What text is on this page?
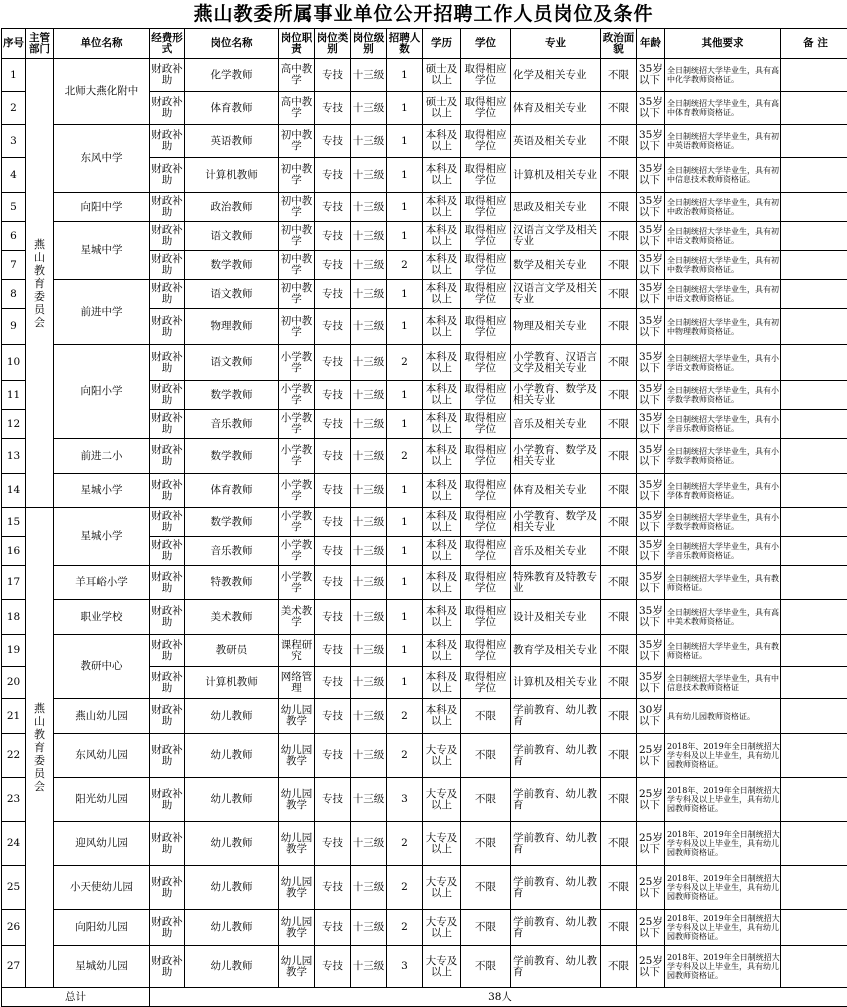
燕山教委所属事业单位公开招聘工作人员岗位及条件
序号	主管部门	单位名称	经费形式	岗位名称	岗位职责	岗位类别	岗位级别	招聘人数	学历	学位	专业	政治面貌	年龄	其他要求	备 注
1	燕山教育委员会	北师大燕化附中	财政补助	化学教师	高中教学	专技	十三级	1	硕士及以上	取得相应学位	化学及相关专业	不限	35岁以下	全日制统招大学毕业生，具有高中化学教师资格证。	
2			财政补助	体育教师	高中教学	专技	十三级	1	硕士及以上	取得相应学位	体育及相关专业	不限	35岁以下	全日制统招大学毕业生，具有高中体育教师资格证。	
3		东风中学	财政补助	英语教师	初中教学	专技	十三级	1	本科及以上	取得相应学位	英语及相关专业	不限	35岁以下	全日制统招大学毕业生，具有初中英语教师资格证。	
4			财政补助	计算机教师	初中教学	专技	十三级	1	本科及以上	取得相应学位	计算机及相关专业	不限	35岁以下	全日制统招大学毕业生，具有初中信息技术教师资格证。	
5		向阳中学	财政补助	政治教师	初中教学	专技	十三级	1	本科及以上	取得相应学位	思政及相关专业	不限	35岁以下	全日制统招大学毕业生，具有初中政治教师资格证。	
6		星城中学	财政补助	语文教师	初中教学	专技	十三级	1	本科及以上	取得相应学位	汉语言文学及相关专业	不限	35岁以下	全日制统招大学毕业生，具有初中语文教师资格证。	
7			财政补助	数学教师	初中教学	专技	十三级	2	本科及以上	取得相应学位	数学及相关专业	不限	35岁以下	全日制统招大学毕业生，具有初中数学教师资格证。	
8		前进中学	财政补助	语文教师	初中教学	专技	十三级	1	本科及以上	取得相应学位	汉语言文学及相关专业	不限	35岁以下	全日制统招大学毕业生，具有初中语文教师资格证。	
9			财政补助	物理教师	初中教学	专技	十三级	1	本科及以上	取得相应学位	物理及相关专业	不限	35岁以下	全日制统招大学毕业生，具有初中物理教师资格证。	
10		向阳小学	财政补助	语文教师	小学教学	专技	十三级	2	本科及以上	取得相应学位	小学教育、汉语言文学及相关专业	不限	35岁以下	全日制统招大学毕业生，具有小学语文教师资格证。	
11			财政补助	数学教师	小学教学	专技	十三级	1	本科及以上	取得相应学位	小学教育、数学及相关专业	不限	35岁以下	全日制统招大学毕业生，具有小学数学教师资格证。	
12			财政补助	音乐教师	小学教学	专技	十三级	1	本科及以上	取得相应学位	音乐及相关专业	不限	35岁以下	全日制统招大学毕业生，具有小学音乐教师资格证。	
13		前进二小	财政补助	数学教师	小学教学	专技	十三级	2	本科及以上	取得相应学位	小学教育、数学及相关专业	不限	35岁以下	全日制统招大学毕业生，具有小学数学教师资格证。	
14		星城小学	财政补助	体育教师	小学教学	专技	十三级	1	本科及以上	取得相应学位	体育及相关专业	不限	35岁以下	全日制统招大学毕业生，具有小学体育教师资格证。	
15	燕山教育委员会	星城小学	财政补助	数学教师	小学教学	专技	十三级	1	本科及以上	取得相应学位	小学教育、数学及相关专业	不限	35岁以下	全日制统招大学毕业生，具有小学数学教师资格证。	
16			财政补助	音乐教师	小学教学	专技	十三级	1	本科及以上	取得相应学位	音乐及相关专业	不限	35岁以下	全日制统招大学毕业生，具有小学音乐教师资格证。	
17		羊耳峪小学	财政补助	特教教师	小学教学	专技	十三级	1	本科及以上	取得相应学位	特殊教育及特教专业	不限	35岁以下	全日制统招大学毕业生，具有教师资格证。	
18		职业学校	财政补助	美术教师	美术教学	专技	十三级	1	本科及以上	取得相应学位	设计及相关专业	不限	35岁以下	全日制统招大学毕业生，具有高中美术教师资格证。	
19		教研中心	财政补助	教研员	课程研究	专技	十三级	1	本科及以上	取得相应学位	教育学及相关专业	不限	35岁以下	全日制统招大学毕业生，具有教师资格证。	
20			财政补助	计算机教师	网络管理	专技	十三级	1	本科及以上	取得相应学位	计算机及相关专业	不限	35岁以下	全日制统招大学毕业生，具有中信息技术教师资格证	
21		燕山幼儿园	财政补助	幼儿教师	幼儿园教学	专技	十三级	2	本科及以上	不限	学前教育、幼儿教育	不限	30岁以下	具有幼儿园教师资格证。	
22		东风幼儿园	财政补助	幼儿教师	幼儿园教学	专技	十三级	2	大专及以上	不限	学前教育、幼儿教育	不限	25岁以下	2018年、2019年全日制统招大学专科及以上毕业生，具有幼儿园教师资格证。	
23		阳光幼儿园	财政补助	幼儿教师	幼儿园教学	专技	十三级	3	大专及以上	不限	学前教育、幼儿教育	不限	25岁以下	2018年、2019年全日制统招大学专科及以上毕业生，具有幼儿园教师资格证。	
24		迎风幼儿园	财政补助	幼儿教师	幼儿园教学	专技	十三级	2	大专及以上	不限	学前教育、幼儿教育	不限	25岁以下	2018年、2019年全日制统招大学专科及以上毕业生，具有幼儿园教师资格证。	
25		小天使幼儿园	财政补助	幼儿教师	幼儿园教学	专技	十三级	2	大专及以上	不限	学前教育、幼儿教育	不限	25岁以下	2018年、2019年全日制统招大学专科及以上毕业生，具有幼儿园教师资格证。	
26		向阳幼儿园	财政补助	幼儿教师	幼儿园教学	专技	十三级	2	大专及以上	不限	学前教育、幼儿教育	不限	25岁以下	2018年、2019年全日制统招大学专科及以上毕业生，具有幼儿园教师资格证。	
27		星城幼儿园	财政补助	幼儿教师	幼儿园教学	专技	十三级	3	大专及以上	不限	学前教育、幼儿教育	不限	25岁以下	2018年、2019年全日制统招大学专科及以上毕业生，具有幼儿园教师资格证。	
总计			38人												
